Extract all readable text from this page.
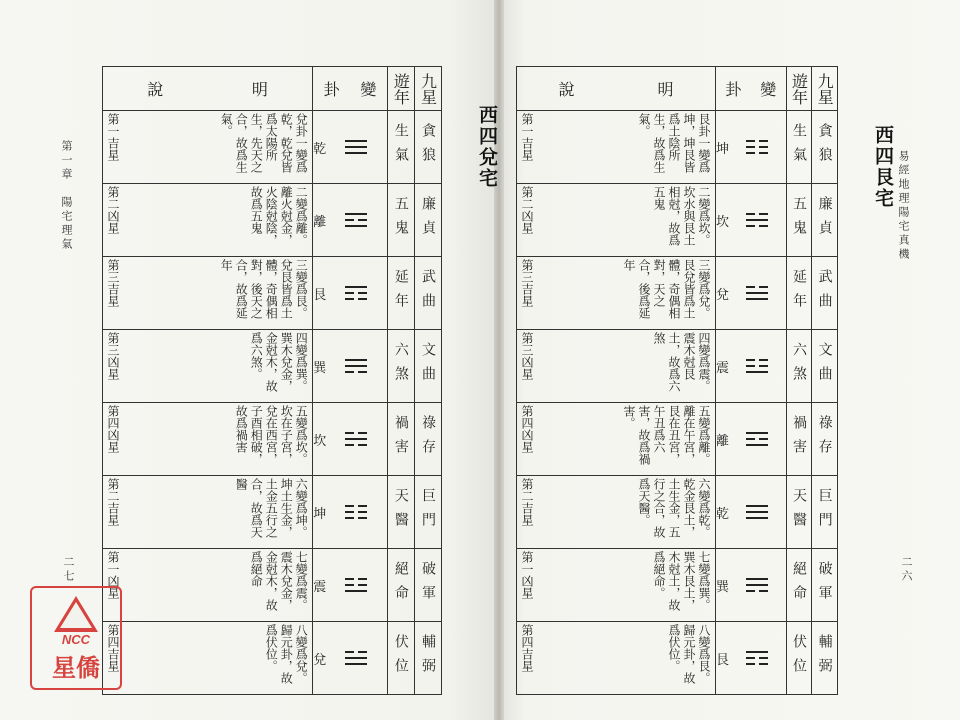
易經地理陽宅真機
二六
第一章　陽宅理氣
二七
西四艮宅
西四兌宅
說 明	卦 變	遊年	九星

艮卦一變爲坤，坤艮皆爲土陰所生，故爲生氣。
第一吉星	坤	生氣	貪狼

二變爲坎。坎水與艮土相尅，故爲五鬼
第二凶星	坎	五鬼	廉貞

三變爲兌。艮兌皆爲土體，奇偶相對，天之合，後爲延年
第三吉星	兌	延年	武曲

四變爲震。震木尅艮土，故爲六煞
第三凶星	震	六煞	文曲

五變爲離。離在午宮，艮在丑宮，午丑爲六害，故爲禍害。
第四凶星	離	禍害	祿存

六變爲乾。乾金艮土，土生金，五行之合，故爲天醫。
第二吉星	乾	天醫	巨門

七變爲巽。巽木艮土，木尅土，故爲絕命。
第一凶星	巽	絕命	破軍

八變爲艮。歸元卦，故爲伏位。
第四吉星	艮	伏位	輔弼
說 明	卦 變	遊年	九星

兌卦一變爲乾，乾兌皆爲太陽所生，先天之合，故爲生氣。
第一吉星	乾	生氣	貪狼

二變爲離。離火尅金，火陰尅陰，故爲五鬼
第二凶星	離	五鬼	廉貞

三變爲艮。兌艮皆爲土體，奇偶相對，後天之合，故爲延年
第三吉星	艮	延年	武曲

四變爲巽。巽木兌金，金尅木，故爲六煞。
第三凶星	巽	六煞	文曲

五變爲坎。坎在子宮，兌在西宮，子酉相破，故爲禍害
第四凶星	坎	禍害	祿存

六變爲坤。坤土生金，土金五行之合，故爲天醫
第二吉星	坤	天醫	巨門

七變爲震。震木兌金，金尅木，故爲絕命
第一凶星	震	絕命	破軍

八變爲兌。歸元卦，故爲伏位。
第四吉星	兌	伏位	輔弼
NCC
星僑
